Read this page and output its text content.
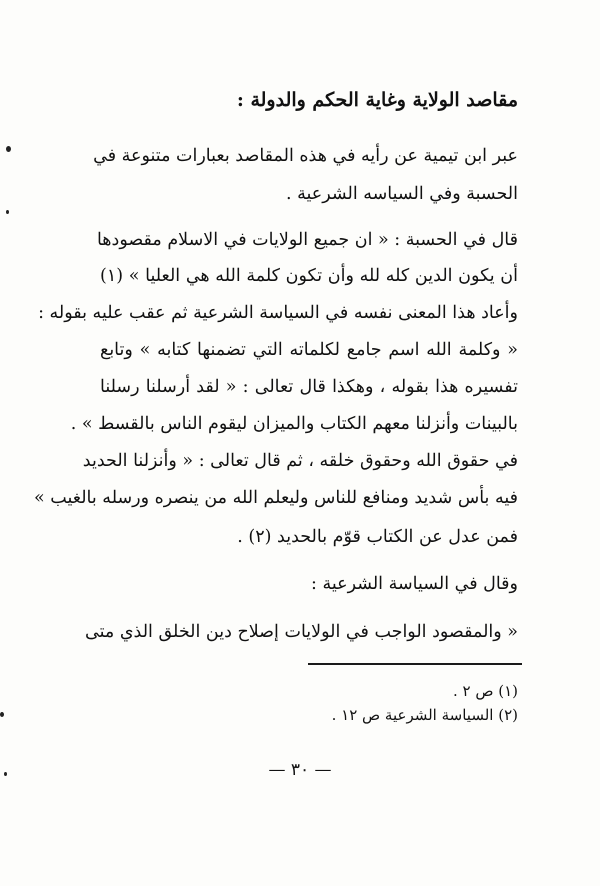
مقاصد الولاية وغاية الحكم والدولة :
عبر ابن تيمية عن رأيه في هذه المقاصد بعبارات متنوعة في
الحسبة وفي السياسه الشرعية .
قال في الحسبة : « ان جميع الولايات في الاسلام مقصودها
أن يكون الدين كله لله وأن تكون كلمة الله هي العليا » (١)
وأعاد هذا المعنى نفسه في السياسة الشرعية ثم عقب عليه بقوله :
« وكلمة الله اسم جامع لكلماته التي تضمنها كتابه » وتابع
تفسيره هذا بقوله ، وهكذا قال تعالى : « لقد أرسلنا رسلنا
بالبينات وأنزلنا معهم الكتاب والميزان ليقوم الناس بالقسط » .
في حقوق الله وحقوق خلقه ، ثم قال تعالى : « وأنزلنا الحديد
فيه بأس شديد ومنافع للناس وليعلم الله من ينصره ورسله بالغيب »
فمن عدل عن الكتاب قوّم بالحديد (٢) .
وقال في السياسة الشرعية :
« والمقصود الواجب في الولايات إصلاح دين الخلق الذي متى
(١) ص ٢ .
(٢) السياسة الشرعية ص ١٢ .
— ٣٠ —
